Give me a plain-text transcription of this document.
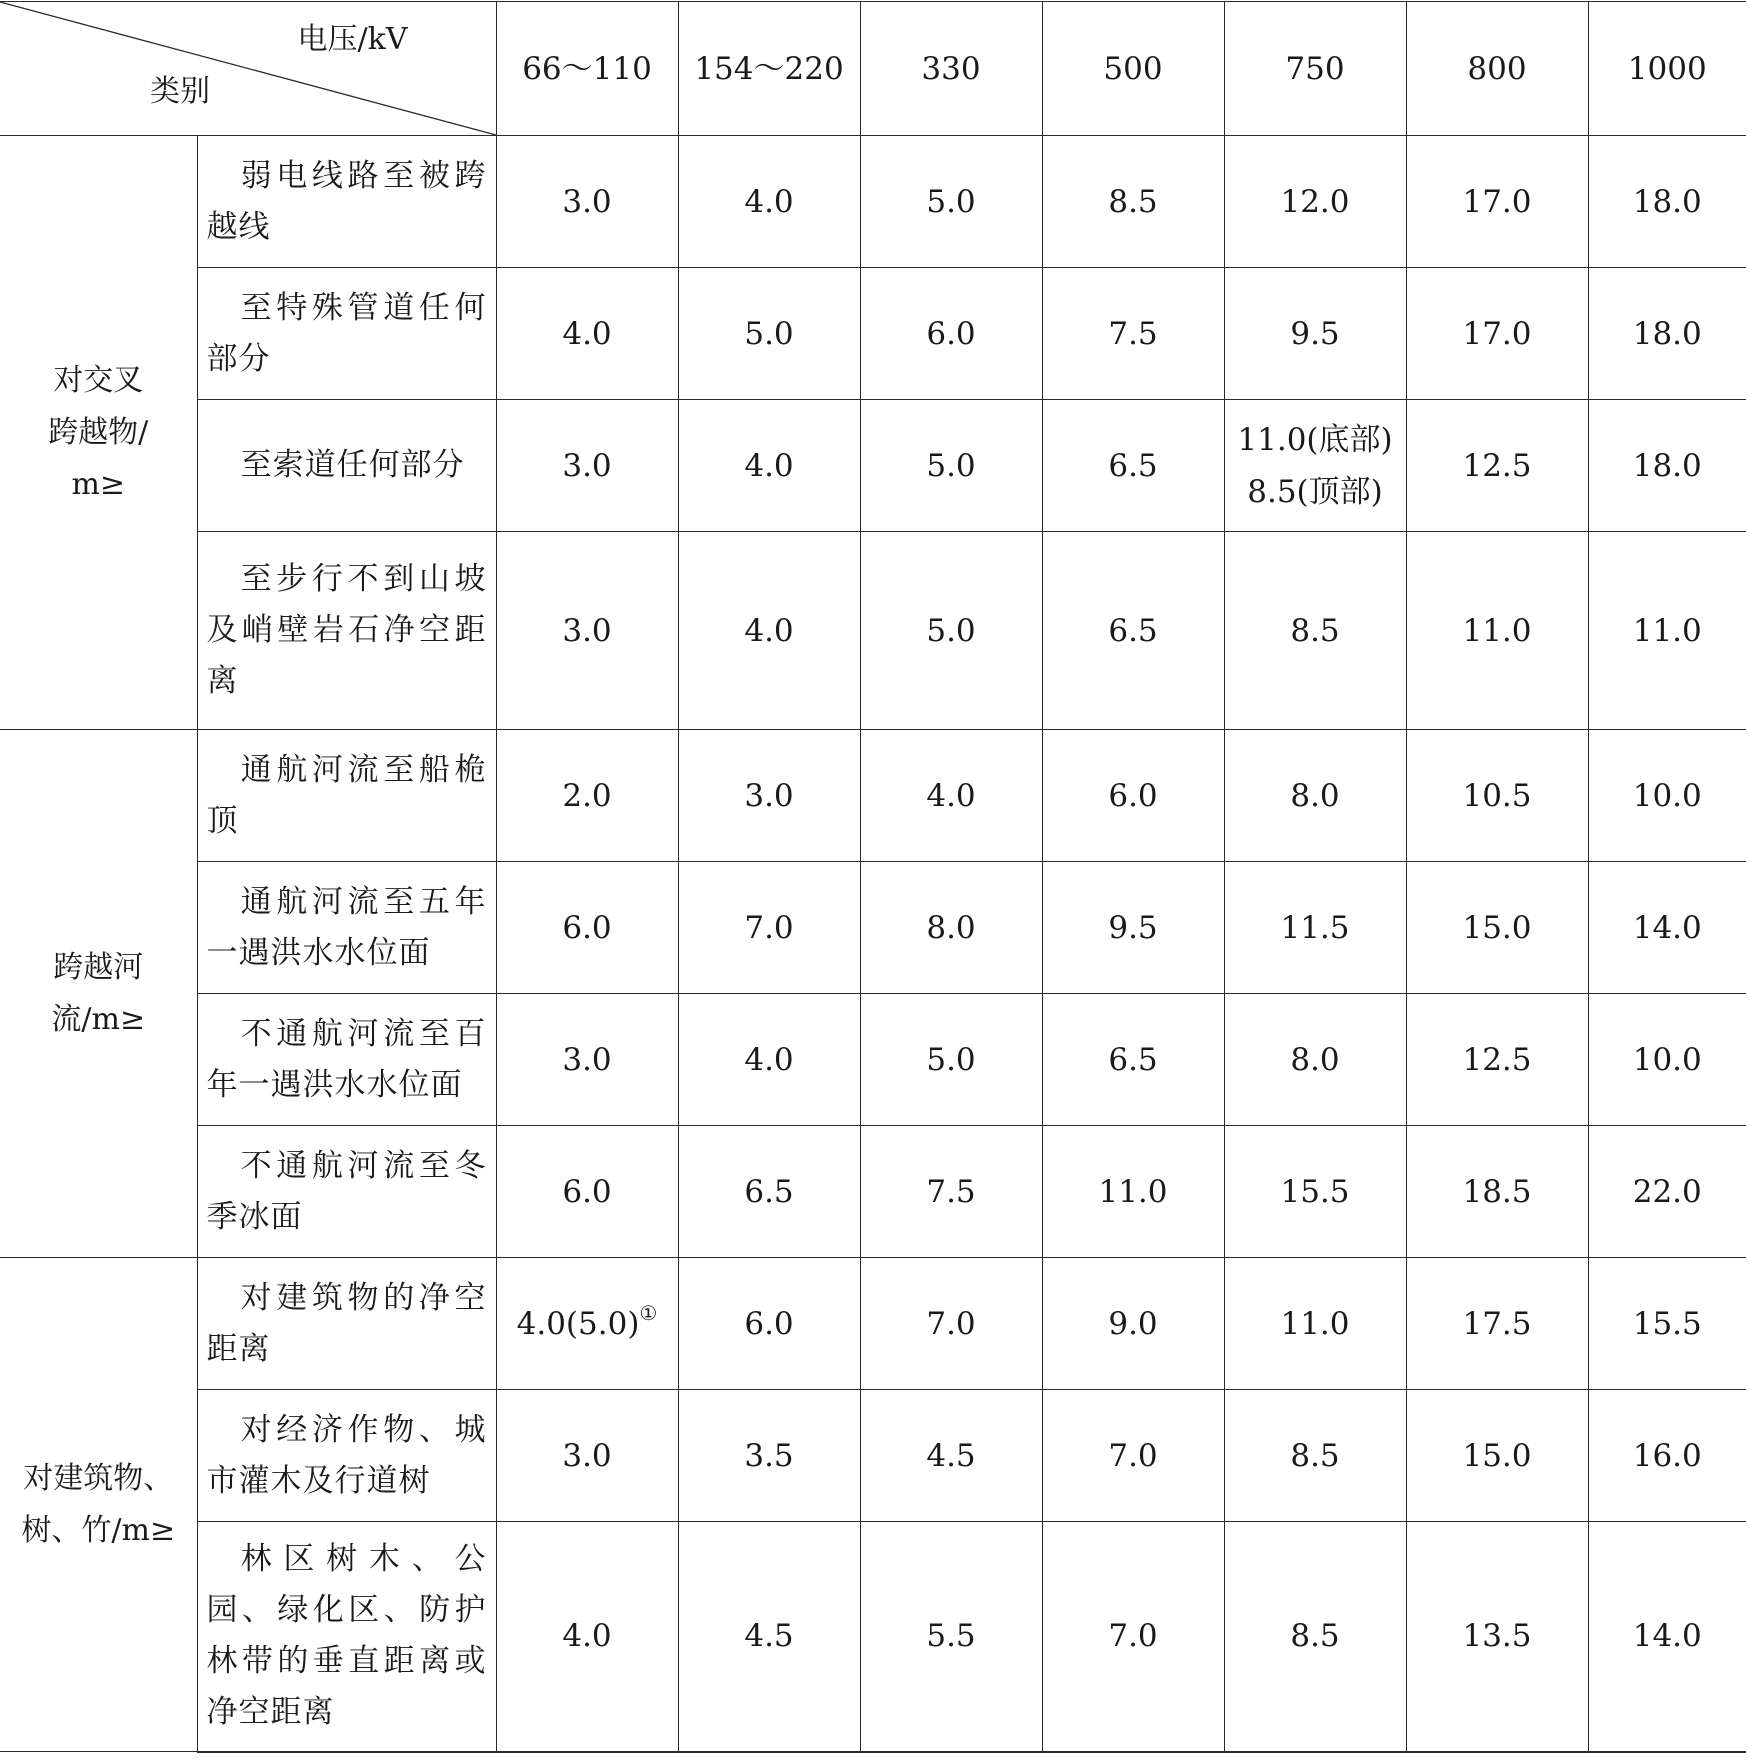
电压/kV
类别		66～110	154～220	330	500	750	800	1000

对交叉
跨越物/
m≥	弱电线路至被跨越线	3.0	4.0	5.0	8.5	12.0	17.0	18.0

	至特殊管道任何部分	4.0	5.0	6.0	7.5	9.5	17.0	18.0

	至索道任何部分	3.0	4.0	5.0	6.5	11.0(底部)
8.5(顶部)	12.5	18.0

	至步行不到山坡及峭壁岩石净空距离	3.0	4.0	5.0	6.5	8.5	11.0	11.0

跨越河
流/m≥	通航河流至船桅顶	2.0	3.0	4.0	6.0	8.0	10.5	10.0

	通航河流至五年一遇洪水水位面	6.0	7.0	8.0	9.5	11.5	15.0	14.0

	不通航河流至百年一遇洪水水位面	3.0	4.0	5.0	6.5	8.0	12.5	10.0

	不通航河流至冬季冰面	6.0	6.5	7.5	11.0	15.5	18.5	22.0

对建筑物、
树、竹/m≥	对建筑物的净空距离	4.0(5.0)①	6.0	7.0	9.0	11.0	17.5	15.5

	对经济作物、城市灌木及行道树	3.0	3.5	4.5	7.0	8.5	15.0	16.0

	林区树木、公园、绿化区、防护林带的垂直距离或净空距离	4.0	4.5	5.5	7.0	8.5	13.5	14.0
